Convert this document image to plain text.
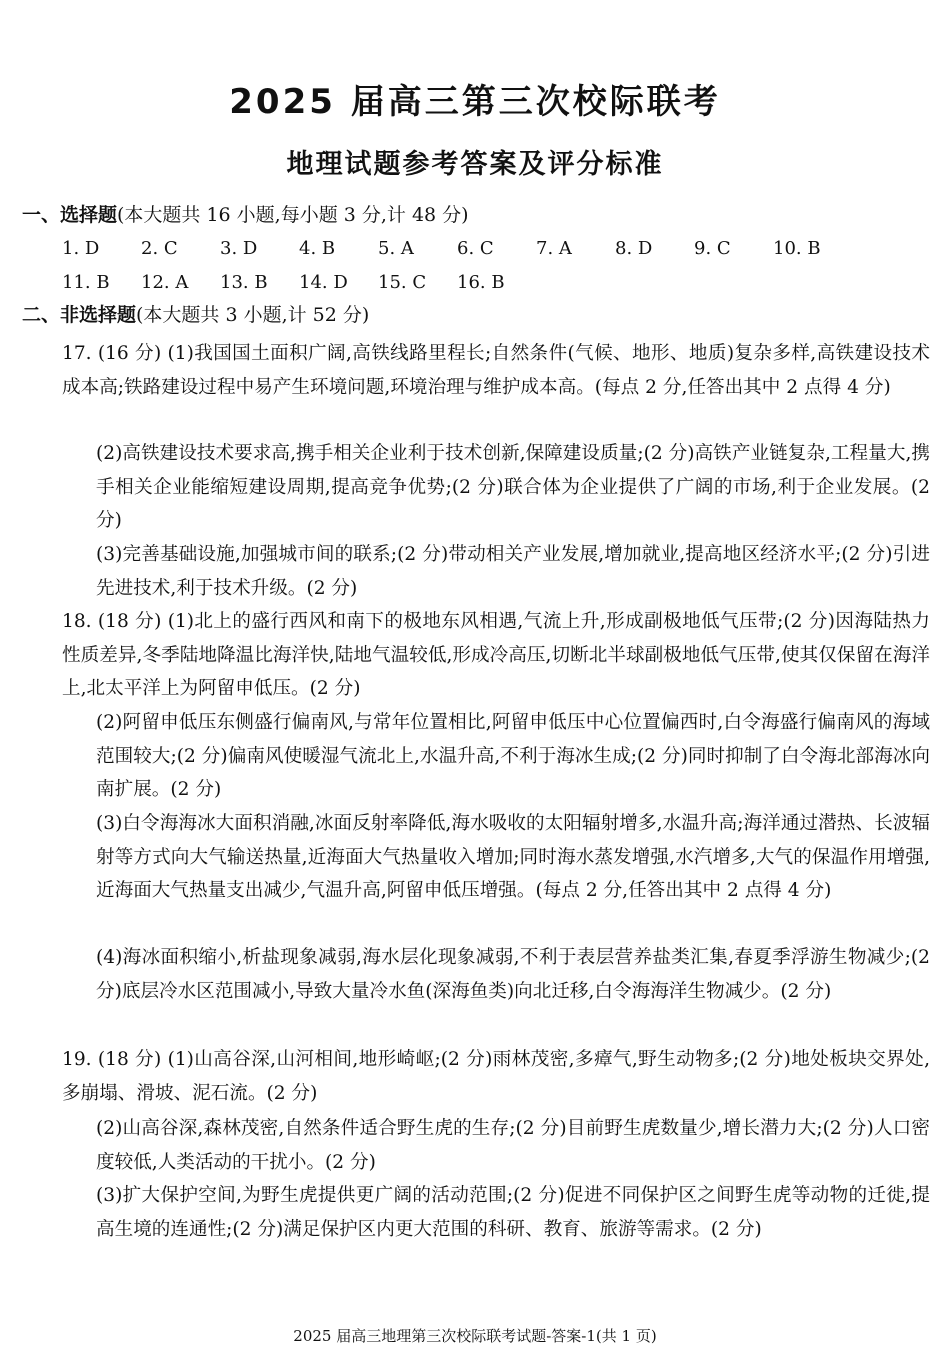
2025 届高三第三次校际联考
地理试题参考答案及评分标准
一、选择题(本大题共 16 小题,每小题 3 分,计 48 分)
1. D	2. C	3. D	4. B	5. A	6. C	7. A	8. D	9. C	10. B
11. B	12. A	13. B	14. D	15. C	16. B
二、非选择题(本大题共 3 小题,计 52 分)

17. (16 分) (1)我国国土面积广阔,高铁线路里程长;自然条件(气候、地形、地质)复杂多样,高铁建设技术成本高;铁路建设过程中易产生环境问题,环境治理与维护成本高。(每点 2 分,任答出其中 2 点得 4 分)

(2)高铁建设技术要求高,携手相关企业利于技术创新,保障建设质量;(2 分)高铁产业链复杂,工程量大,携手相关企业能缩短建设周期,提高竞争优势;(2 分)联合体为企业提供了广阔的市场,利于企业发展。(2 分)

(3)完善基础设施,加强城市间的联系;(2 分)带动相关产业发展,增加就业,提高地区经济水平;(2 分)引进先进技术,利于技术升级。(2 分)

18. (18 分) (1)北上的盛行西风和南下的极地东风相遇,气流上升,形成副极地低气压带;(2 分)因海陆热力性质差异,冬季陆地降温比海洋快,陆地气温较低,形成冷高压,切断北半球副极地低气压带,使其仅保留在海洋上,北太平洋上为阿留申低压。(2 分)

(2)阿留申低压东侧盛行偏南风,与常年位置相比,阿留申低压中心位置偏西时,白令海盛行偏南风的海域范围较大;(2 分)偏南风使暖湿气流北上,水温升高,不利于海冰生成;(2 分)同时抑制了白令海北部海冰向南扩展。(2 分)

(3)白令海海冰大面积消融,冰面反射率降低,海水吸收的太阳辐射增多,水温升高;海洋通过潜热、长波辐射等方式向大气输送热量,近海面大气热量收入增加;同时海水蒸发增强,水汽增多,大气的保温作用增强,近海面大气热量支出减少,气温升高,阿留申低压增强。(每点 2 分,任答出其中 2 点得 4 分)

(4)海冰面积缩小,析盐现象减弱,海水层化现象减弱,不利于表层营养盐类汇集,春夏季浮游生物减少;(2 分)底层冷水区范围减小,导致大量冷水鱼(深海鱼类)向北迁移,白令海海洋生物减少。(2 分)

19. (18 分) (1)山高谷深,山河相间,地形崎岖;(2 分)雨林茂密,多瘴气,野生动物多;(2 分)地处板块交界处,多崩塌、滑坡、泥石流。(2 分)

(2)山高谷深,森林茂密,自然条件适合野生虎的生存;(2 分)目前野生虎数量少,增长潜力大;(2 分)人口密度较低,人类活动的干扰小。(2 分)

(3)扩大保护空间,为野生虎提供更广阔的活动范围;(2 分)促进不同保护区之间野生虎等动物的迁徙,提高生境的连通性;(2 分)满足保护区内更大范围的科研、教育、旅游等需求。(2 分)

2025 届高三地理第三次校际联考试题-答案-1(共 1 页)
